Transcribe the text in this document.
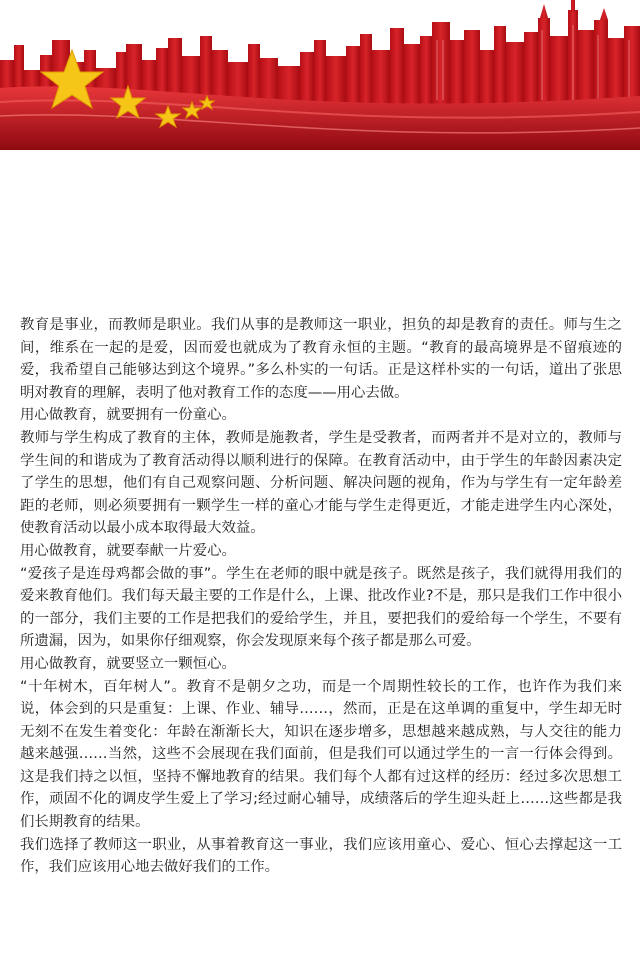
教育是事业，而教师是职业。我们从事的是教师这一职业，担负的却是教育的责任。师与生之间，维系在一起的是爱，因而爱也就成为了教育永恒的主题。“教育的最高境界是不留痕迹的爱，我希望自己能够达到这个境界。”多么朴实的一句话。正是这样朴实的一句话，道出了张思明对教育的理解，表明了他对教育工作的态度——用心去做。

用心做教育，就要拥有一份童心。

教师与学生构成了教育的主体，教师是施教者，学生是受教者，而两者并不是对立的，教师与学生间的和谐成为了教育活动得以顺利进行的保障。在教育活动中，由于学生的年龄因素决定了学生的思想，他们有自己观察问题、分析问题、解决问题的视角，作为与学生有一定年龄差距的老师，则必须要拥有一颗学生一样的童心才能与学生走得更近，才能走进学生内心深处，使教育活动以最小成本取得最大效益。

用心做教育，就要奉献一片爱心。

“爱孩子是连母鸡都会做的事”。学生在老师的眼中就是孩子。既然是孩子，我们就得用我们的爱来教育他们。我们每天最主要的工作是什么，上课、批改作业?不是，那只是我们工作中很小的一部分，我们主要的工作是把我们的爱给学生，并且，要把我们的爱给每一个学生，不要有所遗漏，因为，如果你仔细观察，你会发现原来每个孩子都是那么可爱。

用心做教育，就要竖立一颗恒心。

“十年树木，百年树人”。教育不是朝夕之功，而是一个周期性较长的工作，也许作为我们来说，体会到的只是重复：上课、作业、辅导……，然而，正是在这单调的重复中，学生却无时无刻不在发生着变化：年龄在渐渐长大，知识在逐步增多，思想越来越成熟，与人交往的能力越来越强……当然，这些不会展现在我们面前，但是我们可以通过学生的一言一行体会得到。这是我们持之以恒，坚持不懈地教育的结果。我们每个人都有过这样的经历：经过多次思想工作，顽固不化的调皮学生爱上了学习;经过耐心辅导，成绩落后的学生迎头赶上……这些都是我们长期教育的结果。

我们选择了教师这一职业，从事着教育这一事业，我们应该用童心、爱心、恒心去撑起这一工作，我们应该用心地去做好我们的工作。
